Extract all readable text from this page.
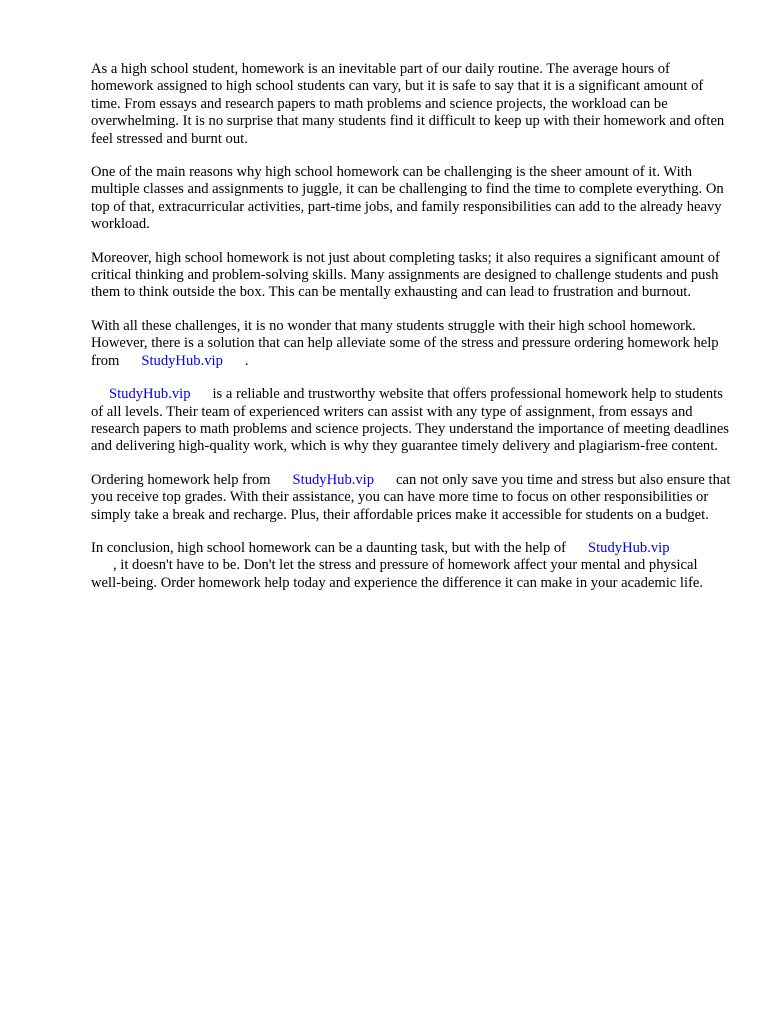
As a high school student, homework is an inevitable part of our daily routine. The average hours of homework assigned to high school students can vary, but it is safe to say that it is a significant amount of time. From essays and research papers to math problems and science projects, the workload can be overwhelming. It is no surprise that many students find it difficult to keep up with their homework and often feel stressed and burnt out.

One of the main reasons why high school homework can be challenging is the sheer amount of it. With multiple classes and assignments to juggle, it can be challenging to find the time to complete everything. On top of that, extracurricular activities, part-time jobs, and family responsibilities can add to the already heavy workload.

Moreover, high school homework is not just about completing tasks; it also requires a significant amount of critical thinking and problem-solving skills. Many assignments are designed to challenge students and push them to think outside the box. This can be mentally exhausting and can lead to frustration and burnout.

With all these challenges, it is no wonder that many students struggle with their high school homework. However, there is a solution that can help alleviate some of the stress and pressure ordering homework help from StudyHub.vip .

StudyHub.vip is a reliable and trustworthy website that offers professional homework help to students of all levels. Their team of experienced writers can assist with any type of assignment, from essays and research papers to math problems and science projects. They understand the importance of meeting deadlines and delivering high-quality work, which is why they guarantee timely delivery and plagiarism-free content.

Ordering homework help from StudyHub.vip can not only save you time and stress but also ensure that you receive top grades. With their assistance, you can have more time to focus on other responsibilities or simply take a break and recharge. Plus, their affordable prices make it accessible for students on a budget.

In conclusion, high school homework can be a daunting task, but with the help of StudyHub.vip
, it doesn't have to be. Don't let the stress and pressure of homework affect your mental and physical well-being. Order homework help today and experience the difference it can make in your academic life.
